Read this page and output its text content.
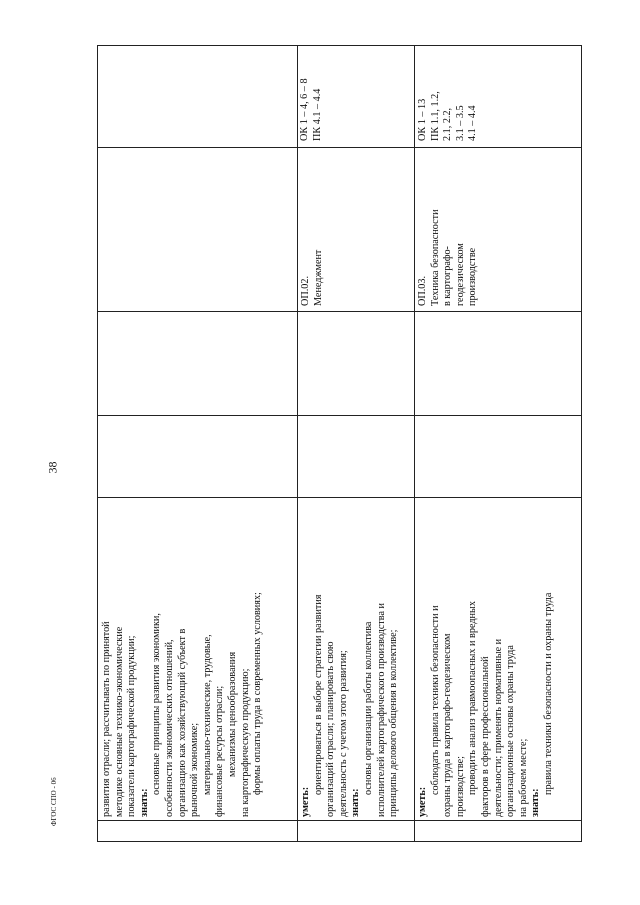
38
ФГОС СПО - 06	развития отрасли; рассчитывать по принятой методике основные технико-экономические показатели картографической продукции; знать:

основные принципы развития экономики, особенности экономических отношений, организацию как хозяйствующий субъект в рыночной экономике; материально-технические, трудовые, финансовые ресурсы отрасли; механизмы ценообразования на картографическую продукцию; формы оплаты труда в современных условиях;

ОК 1 – 4, 6 – 8 ПК 4.1 – 4.4

уметь:

ориентироваться в выборе стратегии развития организаций отрасли; планировать свою деятельность с учетом этого развития; знать:

основы организации работы коллектива исполнителей картографического производства и принципы делового общения в коллективе;

ОП.02. Менеджмент

уметь:

соблюдать правила техники безопасности и охраны труда в картографо-геодезическом производстве; проводить анализ травмоопасных и вредных факторов в сфере профессиональной деятельности; применять нормативные и организационные основы охраны труда на рабочем месте; знать:

правила техники безопасности и охраны труда

ОП.03. Техника безопасности в картографо- геодезическом производстве

ОК 1 – 13 ПК 1.1, 1.2, 2.1, 2.2, 3.1 – 3.5 4.1 – 4.4
